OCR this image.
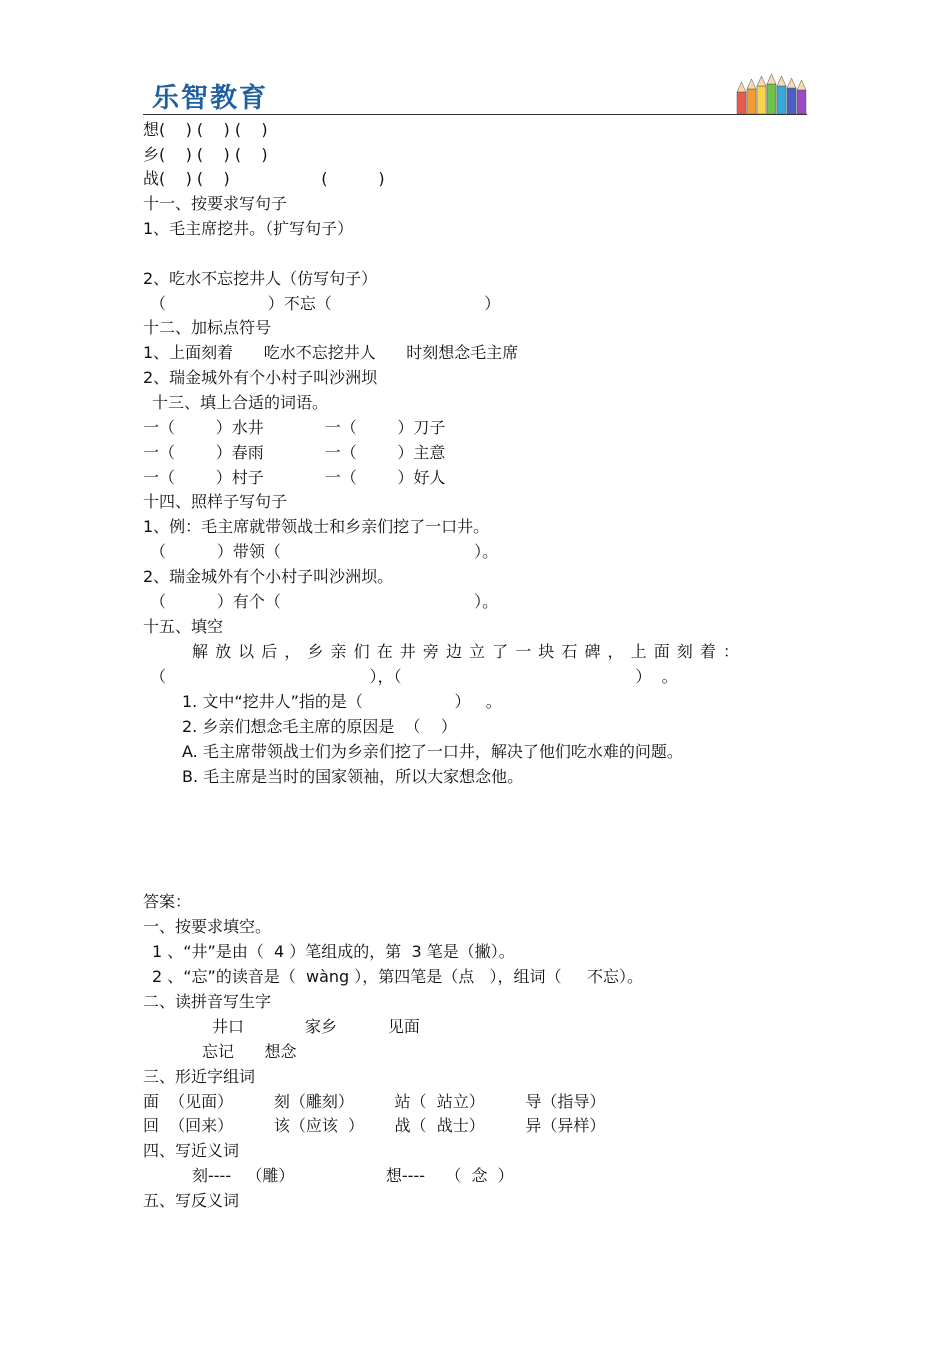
乐智教育
想(    ) (    ) (    )
乡(    ) (    ) (    )
战(    ) (    )                  (          )
十一、按要求写句子
1、毛主席挖井。（扩写句子）
2、吃水不忘挖井人（仿写句子）
（                    ）不忘（                              ）
十二、加标点符号
1、上面刻着      吃水不忘挖井人      时刻想念毛主席
2、瑞金城外有个小村子叫沙洲坝
十三、填上合适的词语。
一（        ）水井            一（        ）刀子
一（        ）春雨            一（        ）主意
一（        ）村子            一（        ）好人
十四、照样子写句子
1、例：毛主席就带领战士和乡亲们挖了一口井。
（          ）带领（                                      ）。
2、瑞金城外有个小村子叫沙洲坝。
（          ）有个（                                      ）。
十五、填空
解 放 以 后 ， 乡 亲 们 在 井 旁 边 立 了 一 块 石 碑 ， 上 面 刻 着 ：
（                                        ），（                                              ）  。
1. 文中“挖井人”指的是（                  ）   。
2. 乡亲们想念毛主席的原因是  （    ）
A. 毛主席带领战士们为乡亲们挖了一口井，解决了他们吃水难的问题。
B. 毛主席是当时的国家领袖，所以大家想念他。
答案：
一、按要求填空。
1 、“井”是由（  4 ）笔组成的，第  3 笔是（撇）。
2 、“忘”的读音是（  wàng ），第四笔是（点   ），组词（     不忘）。
二、读拼音写生字
井口            家乡          见面
忘记      想念
三、形近字组词
面  （见面）        刻（雕刻）        站（  站立）        导（指导）
回  （回来）        该（应该  ）      战（  战士）        异（异样）
四、写近义词
刻----   （雕）                  想----    （  念  ）
五、写反义词
